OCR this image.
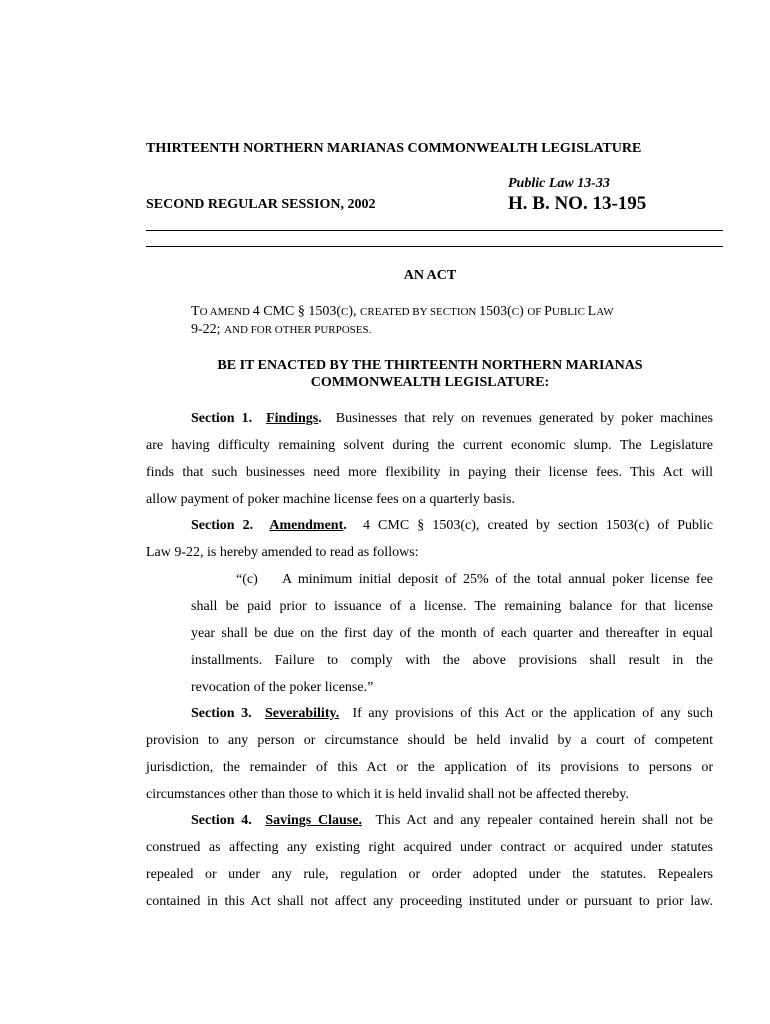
THIRTEENTH NORTHERN MARIANAS COMMONWEALTH LEGISLATURE
Public Law 13-33
SECOND REGULAR SESSION, 2002	H. B. NO. 13-195
AN ACT
TO AMEND 4 CMC § 1503(C), CREATED BY SECTION 1503(C) OF PUBLIC LAW
9-22; AND FOR OTHER PURPOSES.
BE IT ENACTED BY THE THIRTEENTH NORTHERN MARIANAS
COMMONWEALTH LEGISLATURE:
Section 1. Findings. Businesses that rely on revenues generated by poker machines
are having difficulty remaining solvent during the current economic slump. The Legislature
finds that such businesses need more flexibility in paying their license fees. This Act will
allow payment of poker machine license fees on a quarterly basis.
Section 2. Amendment. 4 CMC § 1503(c), created by section 1503(c) of Public
Law 9-22, is hereby amended to read as follows:
“(c) A minimum initial deposit of 25% of the total annual poker license fee
shall be paid prior to issuance of a license. The remaining balance for that license
year shall be due on the first day of the month of each quarter and thereafter in equal
installments. Failure to comply with the above provisions shall result in the
revocation of the poker license.”
Section 3. Severability. If any provisions of this Act or the application of any such
provision to any person or circumstance should be held invalid by a court of competent
jurisdiction, the remainder of this Act or the application of its provisions to persons or
circumstances other than those to which it is held invalid shall not be affected thereby.
Section 4. Savings Clause. This Act and any repealer contained herein shall not be
construed as affecting any existing right acquired under contract or acquired under statutes
repealed or under any rule, regulation or order adopted under the statutes. Repealers
contained in this Act shall not affect any proceeding instituted under or pursuant to prior law.
